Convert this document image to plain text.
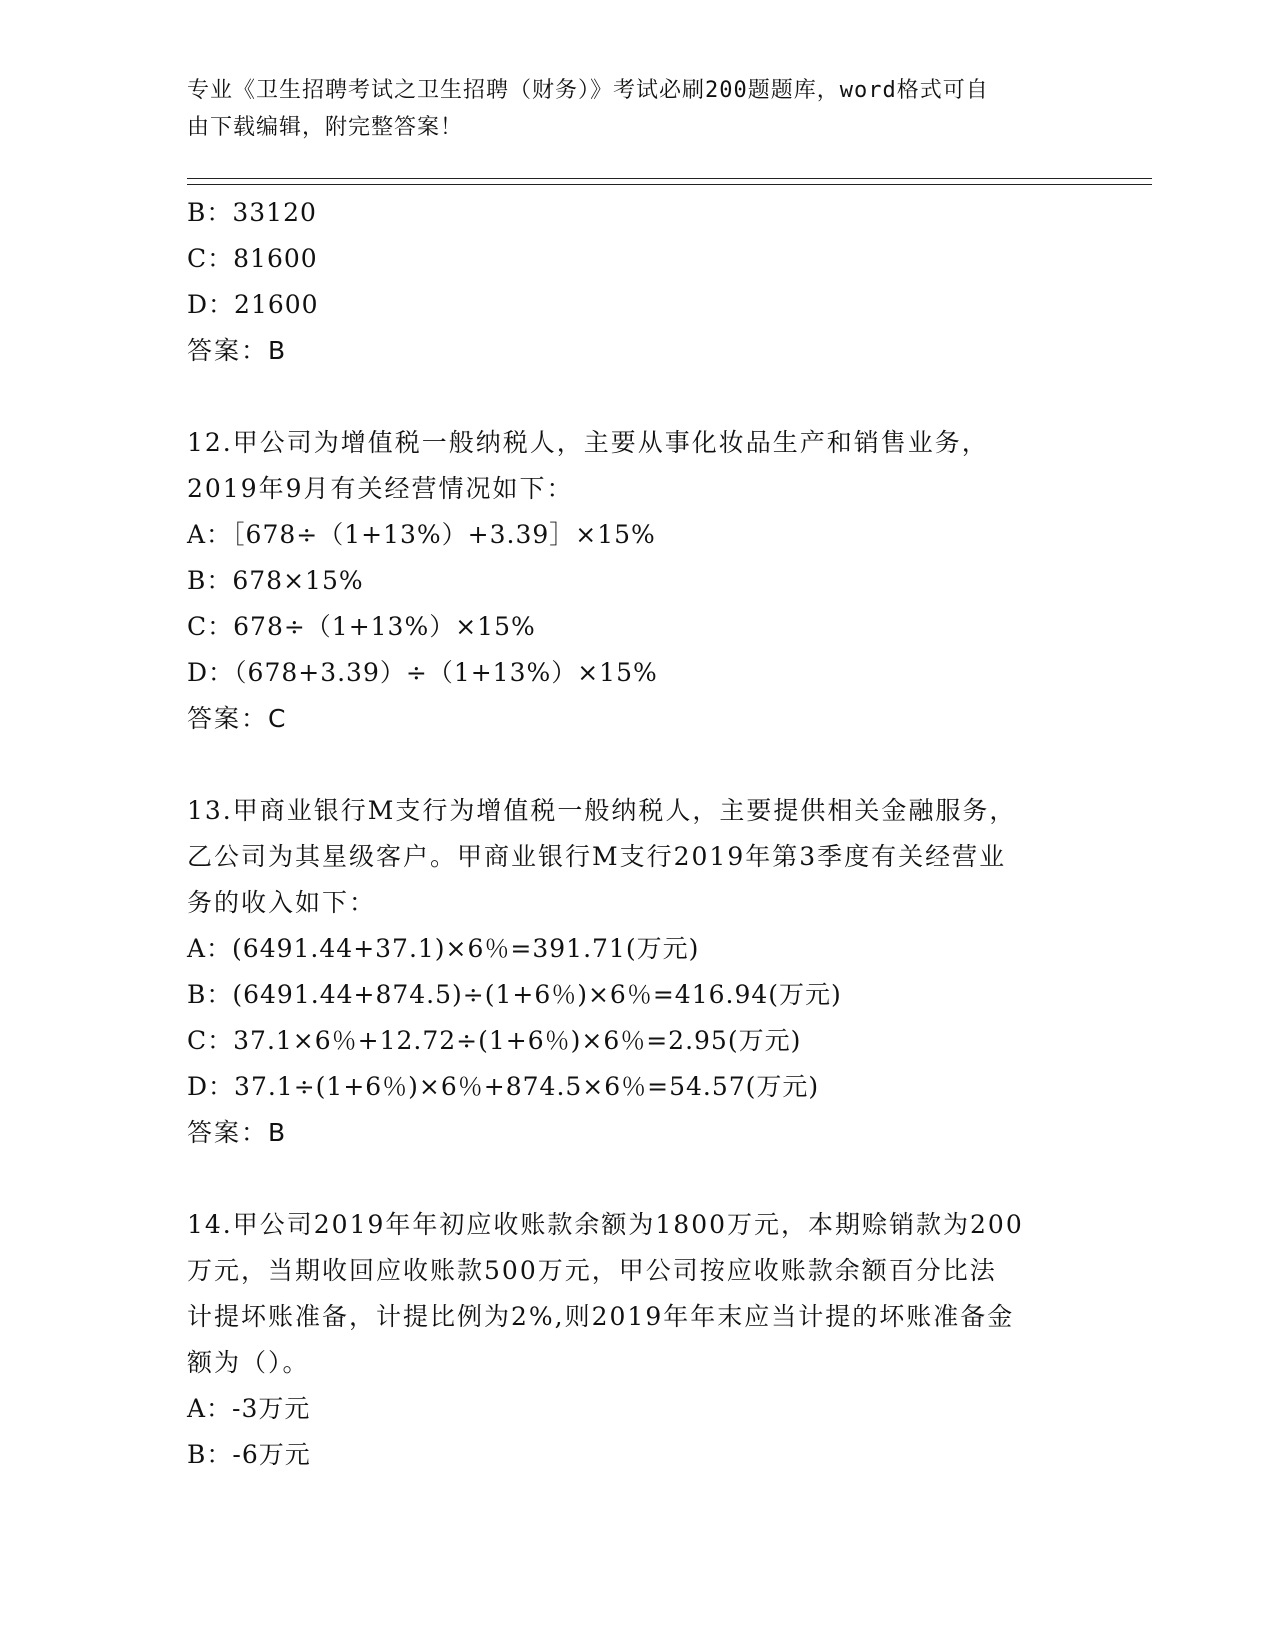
专业《卫生招聘考试之卫生招聘（财务）》考试必刷200题题库，word格式可自
由下载编辑，附完整答案！
B：33120
C：81600
D：21600
答案：B
12.甲公司为增值税一般纳税人，主要从事化妆品生产和销售业务，
2019年9月有关经营情况如下：
A：［678÷（1+13%）+3.39］×15%
B：678×15%
C：678÷（1+13%）×15%
D：（678+3.39）÷（1+13%）×15%
答案：C
13.甲商业银行M支行为增值税一般纳税人，主要提供相关金融服务，
乙公司为其星级客户。甲商业银行M支行2019年第3季度有关经营业
务的收入如下：
A：(6491.44+37.1)×6％=391.71(万元)
B：(6491.44+874.5)÷(1+6％)×6％=416.94(万元)
C：37.1×6％+12.72÷(1+6％)×6％=2.95(万元)
D：37.1÷(1+6％)×6％+874.5×6％=54.57(万元)
答案：B
14.甲公司2019年年初应收账款余额为1800万元，本期赊销款为200
万元，当期收回应收账款500万元，甲公司按应收账款余额百分比法
计提坏账准备，计提比例为2%,则2019年年末应当计提的坏账准备金
额为（）。
A：-3万元
B：-6万元
